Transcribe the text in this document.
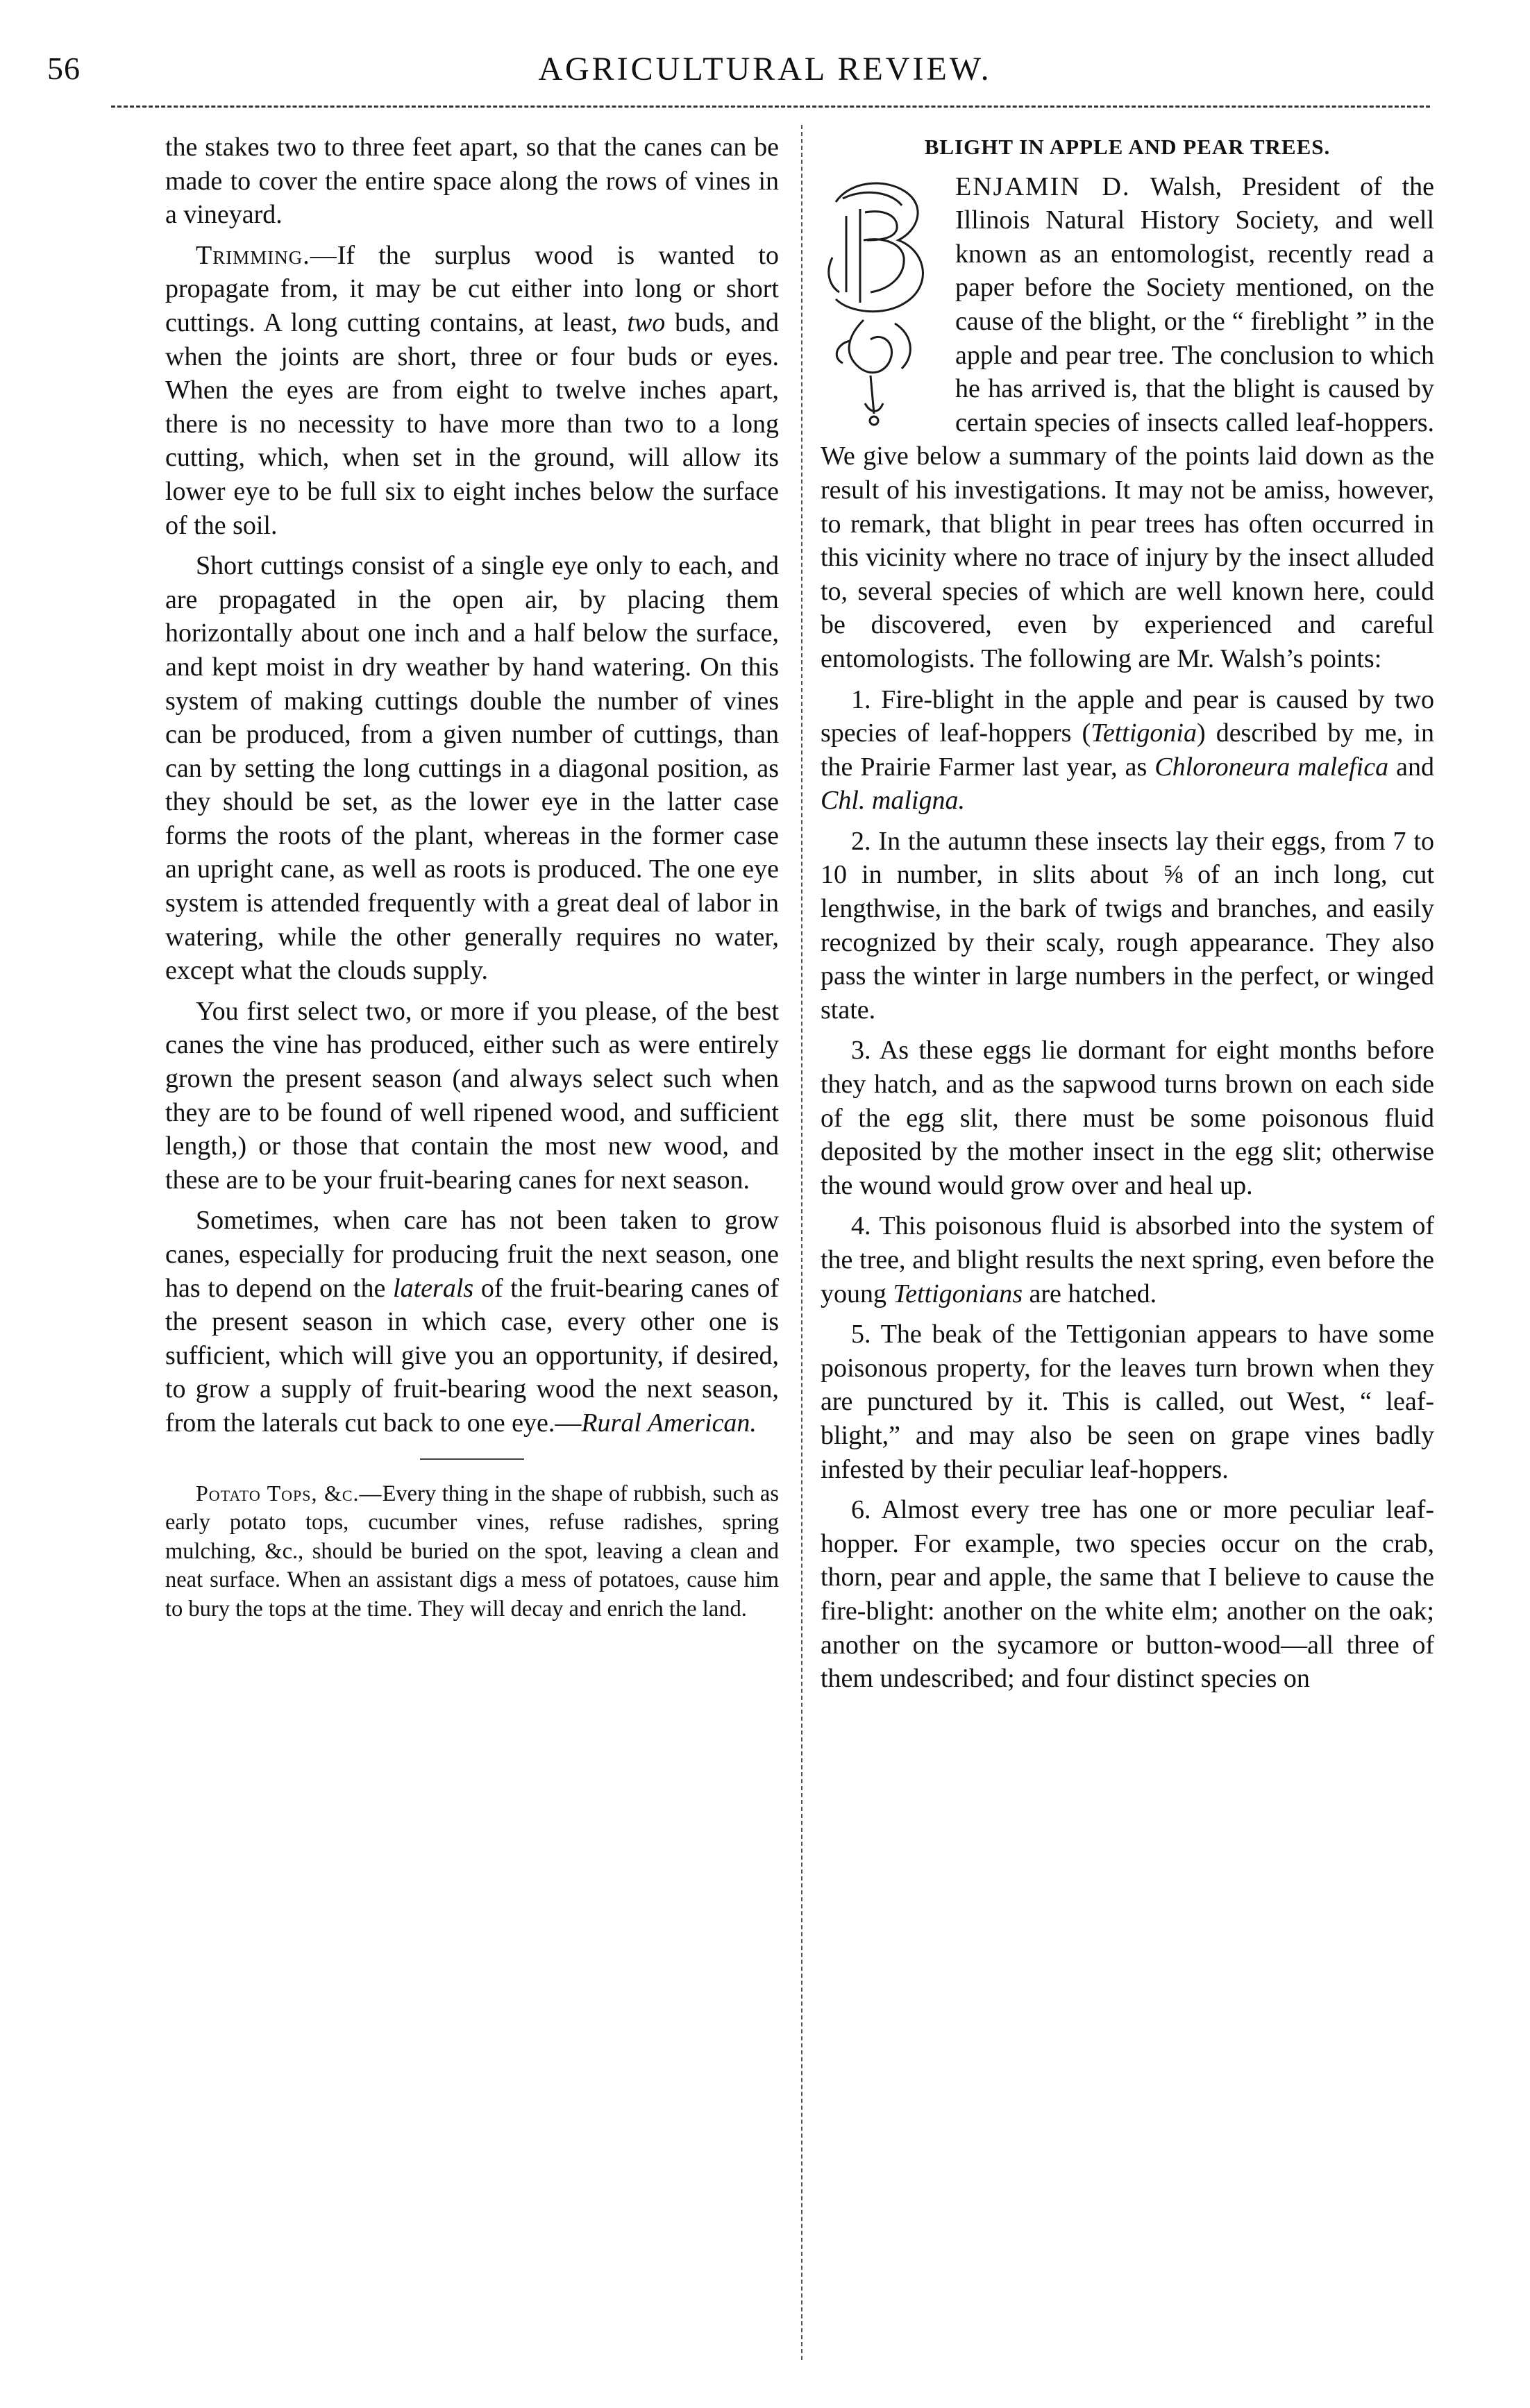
56	AGRICULTURAL REVIEW.

the stakes two to three feet apart, so that the canes can be made to cover the entire space along the rows of vines in a vineyard.

Trimming.—If the surplus wood is wanted to propagate from, it may be cut either into long or short cuttings. A long cutting contains, at least, two buds, and when the joints are short, three or four buds or eyes. When the eyes are from eight to twelve inches apart, there is no necessity to have more than two to a long cutting, which, when set in the ground, will allow its lower eye to be full six to eight inches below the surface of the soil.

Short cuttings consist of a single eye only to each, and are propagated in the open air, by placing them horizontally about one inch and a half below the surface, and kept moist in dry weather by hand watering. On this system of making cuttings double the number of vines can be produced, from a given number of cuttings, than can by setting the long cuttings in a diagonal position, as they should be set, as the lower eye in the latter case forms the roots of the plant, whereas in the former case an upright cane, as well as roots is produced. The one eye system is attended frequently with a great deal of labor in watering, while the other generally requires no water, except what the clouds supply.

You first select two, or more if you please, of the best canes the vine has produced, either such as were entirely grown the present season (and always select such when they are to be found of well ripened wood, and sufficient length,) or those that contain the most new wood, and these are to be your fruit-bearing canes for next season.

Sometimes, when care has not been taken to grow canes, especially for producing fruit the next season, one has to depend on the laterals of the fruit-bearing canes of the present season in which case, every other one is sufficient, which will give you an opportunity, if desired, to grow a supply of fruit-bearing wood the next season, from the laterals cut back to one eye.—Rural American.

Potato Tops, &c.—Every thing in the shape of rubbish, such as early potato tops, cucumber vines, refuse radishes, spring mulching, &c., should be buried on the spot, leaving a clean and neat surface. When an assistant digs a mess of potatoes, cause him to bury the tops at the time. They will decay and enrich the land.

BLIGHT IN APPLE AND PEAR TREES.

ENJAMIN D. Walsh, President of the Illinois Natural History Society, and well known as an entomologist, recently read a paper before the Society mentioned, on the cause of the blight, or the “ fireblight ” in the apple and pear tree. The conclusion to which he has arrived is, that the blight is caused by certain species of insects called leaf-hoppers. We give below a summary of the points laid down as the result of his investigations. It may not be amiss, however, to remark, that blight in pear trees has often occurred in this vicinity where no trace of injury by the insect alluded to, several species of which are well known here, could be discovered, even by experienced and careful entomologists. The following are Mr. Walsh’s points:

1. Fire-blight in the apple and pear is caused by two species of leaf-hoppers (Tettigonia) described by me, in the Prairie Farmer last year, as Chloroneura malefica and Chl. maligna.

2. In the autumn these insects lay their eggs, from 7 to 10 in number, in slits about ⅝ of an inch long, cut lengthwise, in the bark of twigs and branches, and easily recognized by their scaly, rough appearance. They also pass the winter in large numbers in the perfect, or winged state.

3. As these eggs lie dormant for eight months before they hatch, and as the sapwood turns brown on each side of the egg slit, there must be some poisonous fluid deposited by the mother insect in the egg slit; otherwise the wound would grow over and heal up.

4. This poisonous fluid is absorbed into the system of the tree, and blight results the next spring, even before the young Tettigonians are hatched.

5. The beak of the Tettigonian appears to have some poisonous property, for the leaves turn brown when they are punctured by it. This is called, out West, “ leaf-blight,” and may also be seen on grape vines badly infested by their peculiar leaf-hoppers.

6. Almost every tree has one or more peculiar leaf-hopper. For example, two species occur on the crab, thorn, pear and apple, the same that I believe to cause the fire-blight: another on the white elm; another on the oak; another on the sycamore or button-wood—all three of them undescribed; and four distinct species on
